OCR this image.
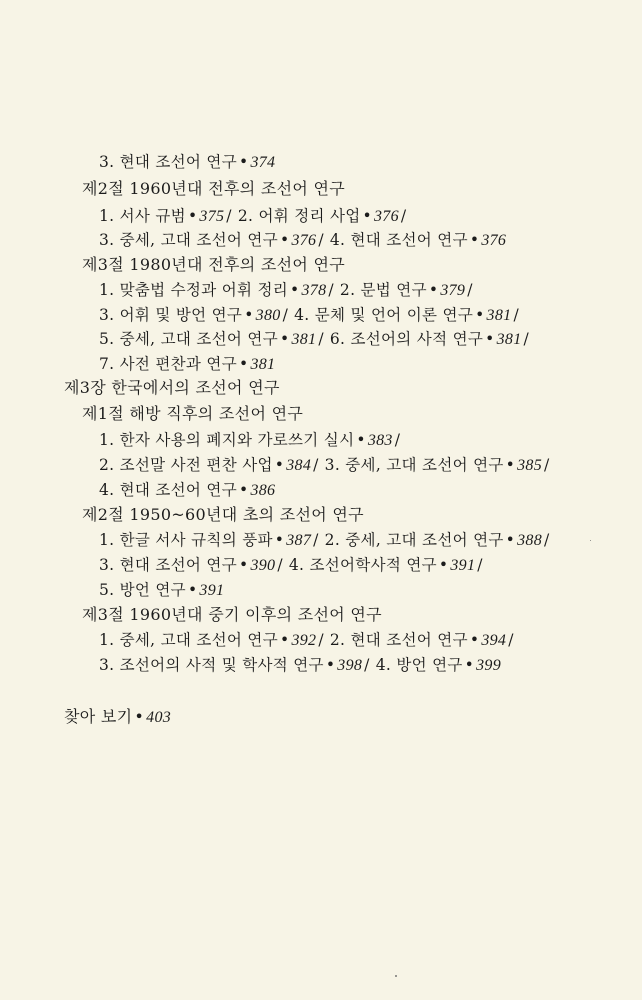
3. 현대 조선어 연구 • 374
제2절 1960년대 전후의 조선어 연구
1. 서사 규범 • 375 / 2. 어휘 정리 사업 • 376 /
3. 중세, 고대 조선어 연구 • 376 / 4. 현대 조선어 연구 • 376
제3절 1980년대 전후의 조선어 연구
1. 맞춤법 수정과 어휘 정리 • 378 / 2. 문법 연구 • 379 /
3. 어휘 및 방언 연구 • 380 / 4. 문체 및 언어 이론 연구 • 381 /
5. 중세, 고대 조선어 연구 • 381 / 6. 조선어의 사적 연구 • 381 /
7. 사전 편찬과 연구 • 381
제3장 한국에서의 조선어 연구
제1절 해방 직후의 조선어 연구
1. 한자 사용의 폐지와 가로쓰기 실시 • 383 /
2. 조선말 사전 편찬 사업 • 384 / 3. 중세, 고대 조선어 연구 • 385 /
4. 현대 조선어 연구 • 386
제2절 1950~60년대 초의 조선어 연구
1. 한글 서사 규칙의 풍파 • 387 / 2. 중세, 고대 조선어 연구 • 388 /
3. 현대 조선어 연구 • 390 / 4. 조선어학사적 연구 • 391 /
5. 방언 연구 • 391
제3절 1960년대 중기 이후의 조선어 연구
1. 중세, 고대 조선어 연구 • 392 / 2. 현대 조선어 연구 • 394 /
3. 조선어의 사적 및 학사적 연구 • 398 / 4. 방언 연구 • 399
찾아 보기 • 403
